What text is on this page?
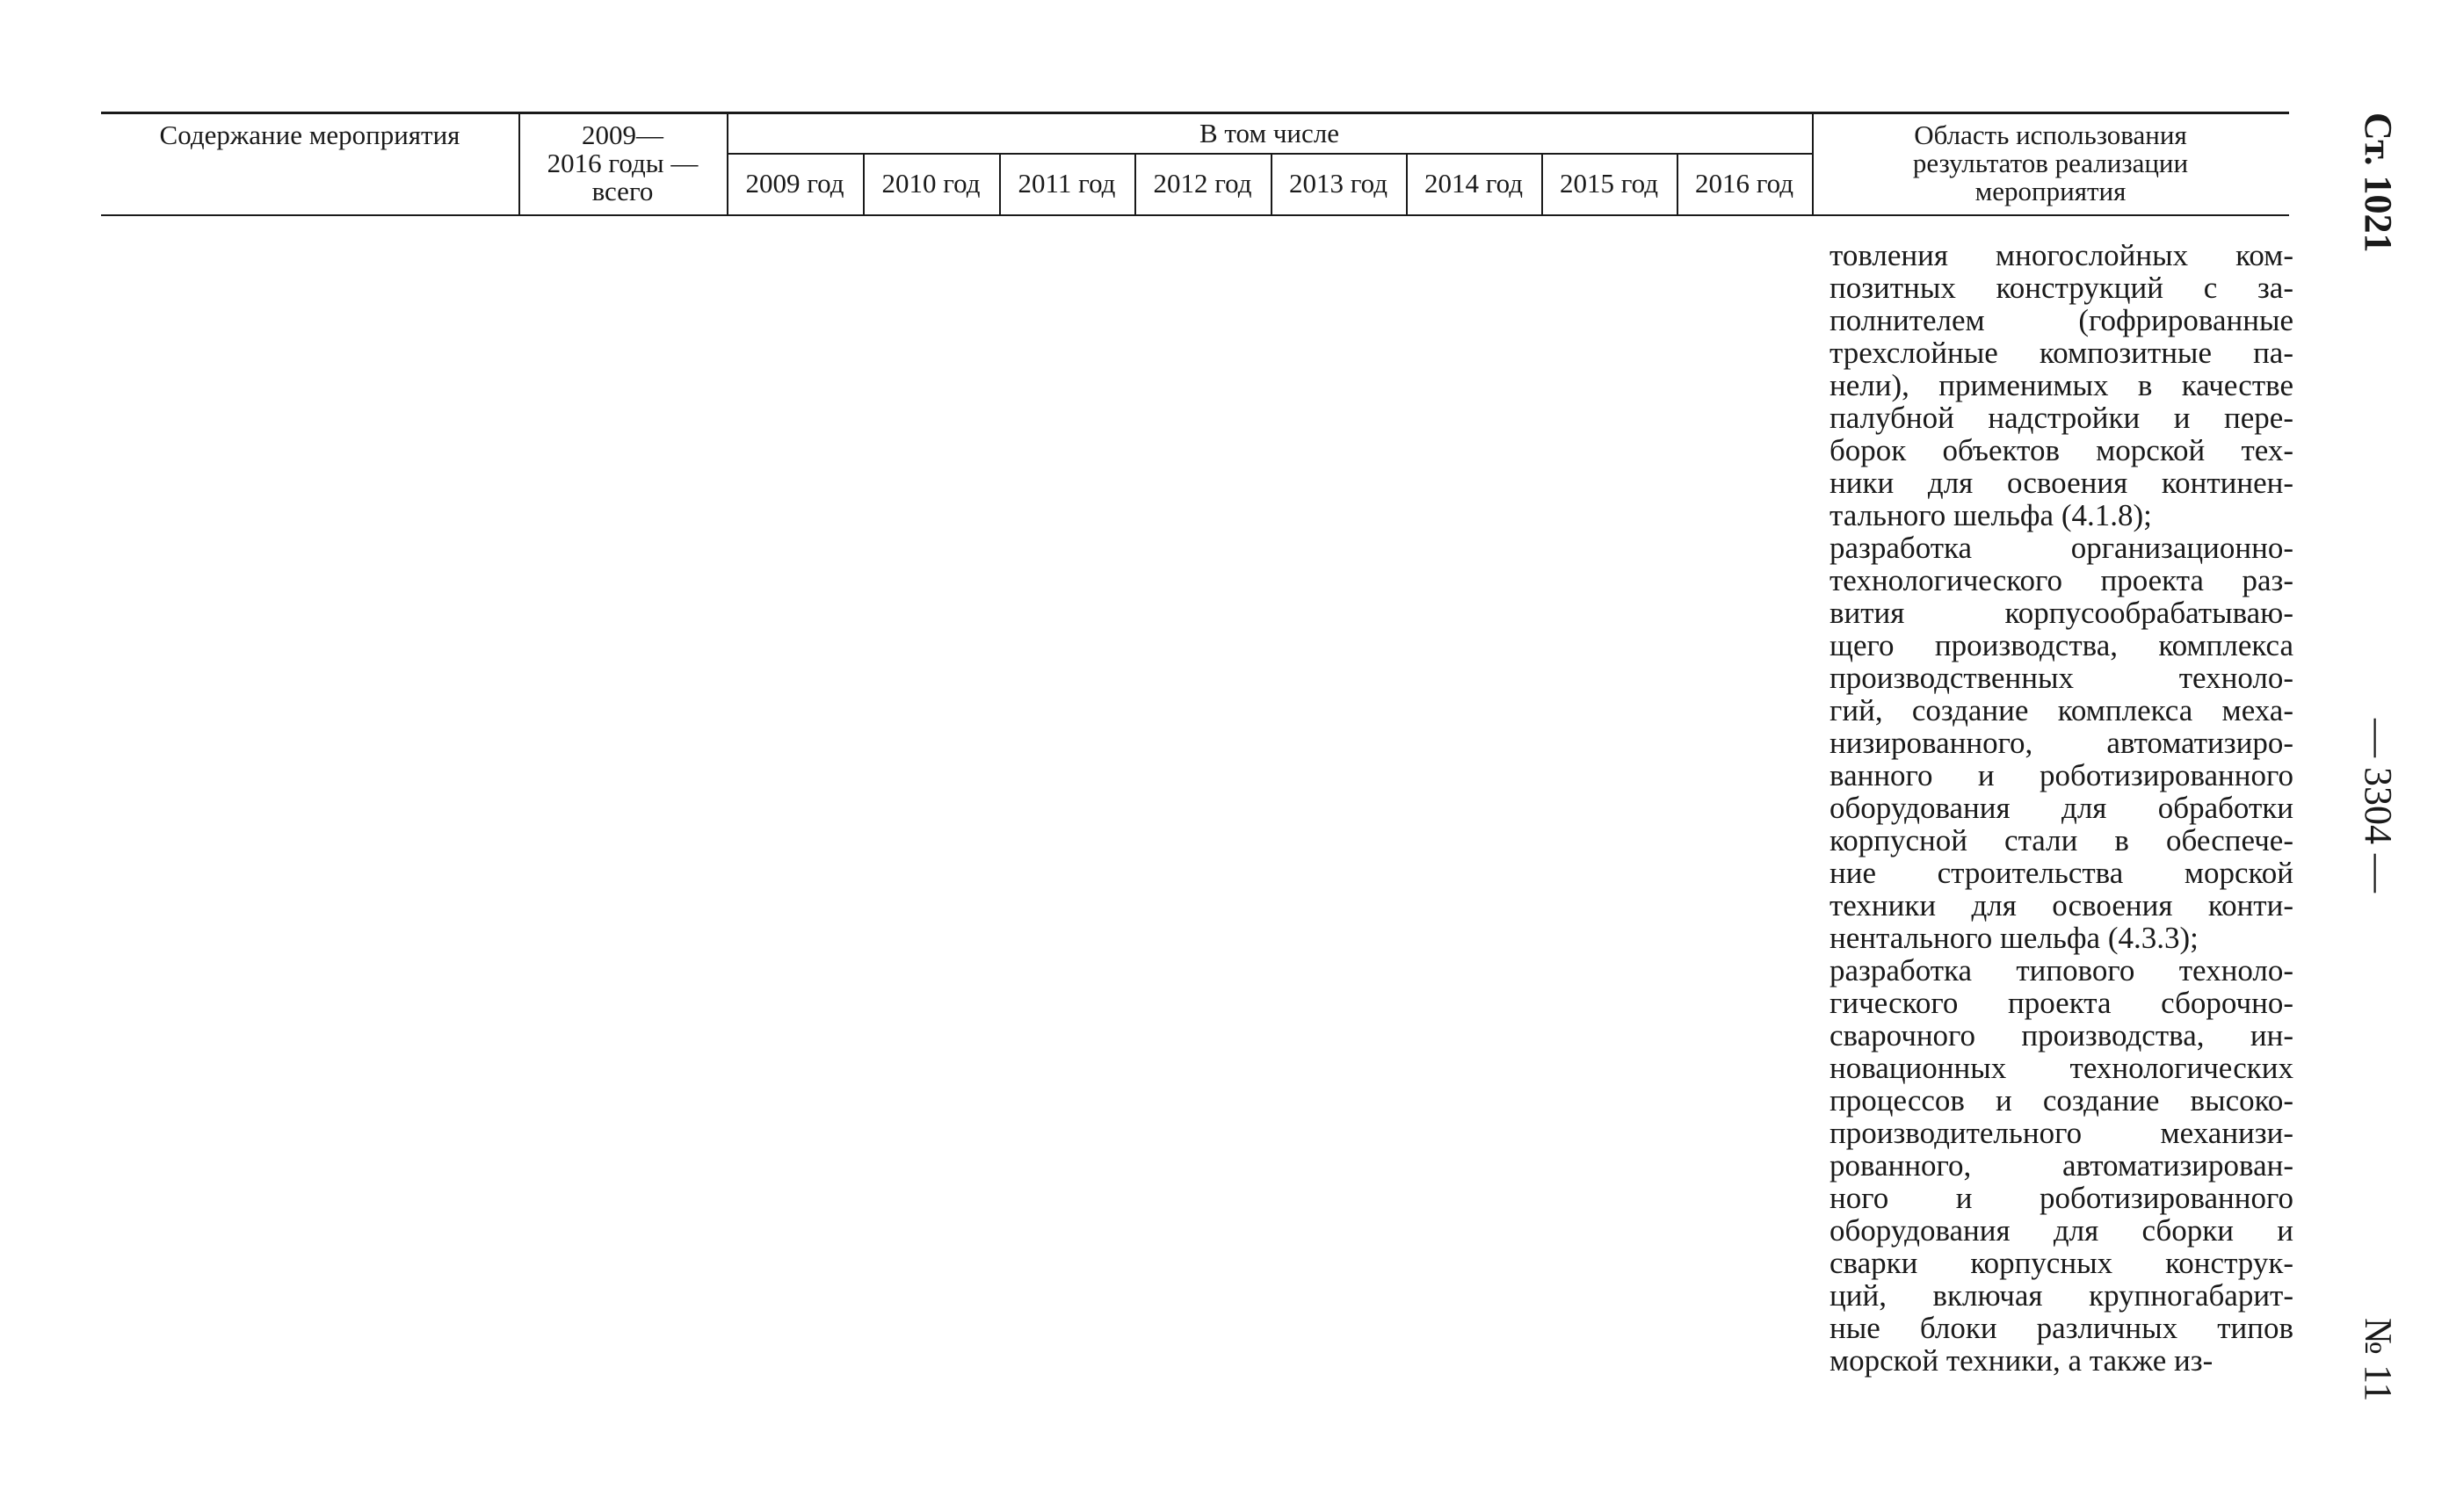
Содержание мероприятия	2009—
2016 годы —
всего
В том числе
2009 год 2010 год 2011 год 2012 год 2013 год 2014 год 2015 год 2016 год
Область использования
результатов реализации
мероприятия
товления многослойных ком-
позитных конструкций с за-
полнителем (гофрированные
трехслойные композитные па-
нели), применимых в качестве
палубной надстройки и пере-
борок объектов морской тех-
ники для освоения континен-
тального шельфа (4.1.8);
разработка организационно-
технологического проекта раз-
вития корпусообрабатываю-
щего производства, комплекса
производственных техноло-
гий, создание комплекса меха-
низированного, автоматизиро-
ванного и роботизированного
оборудования для обработки
корпусной стали в обеспече-
ние строительства морской
техники для освоения конти-
нентального шельфа (4.3.3);
разработка типового техноло-
гического проекта сборочно-
сварочного производства, ин-
новационных технологических
процессов и создание высоко-
производительного механизи-
рованного, автоматизирован-
ного и роботизированного
оборудования для сборки и
сварки корпусных конструк-
ций, включая крупногабарит-
ные блоки различных типов
морской техники, а также из-
Ст. 1021
— 3304 —
№ 11
